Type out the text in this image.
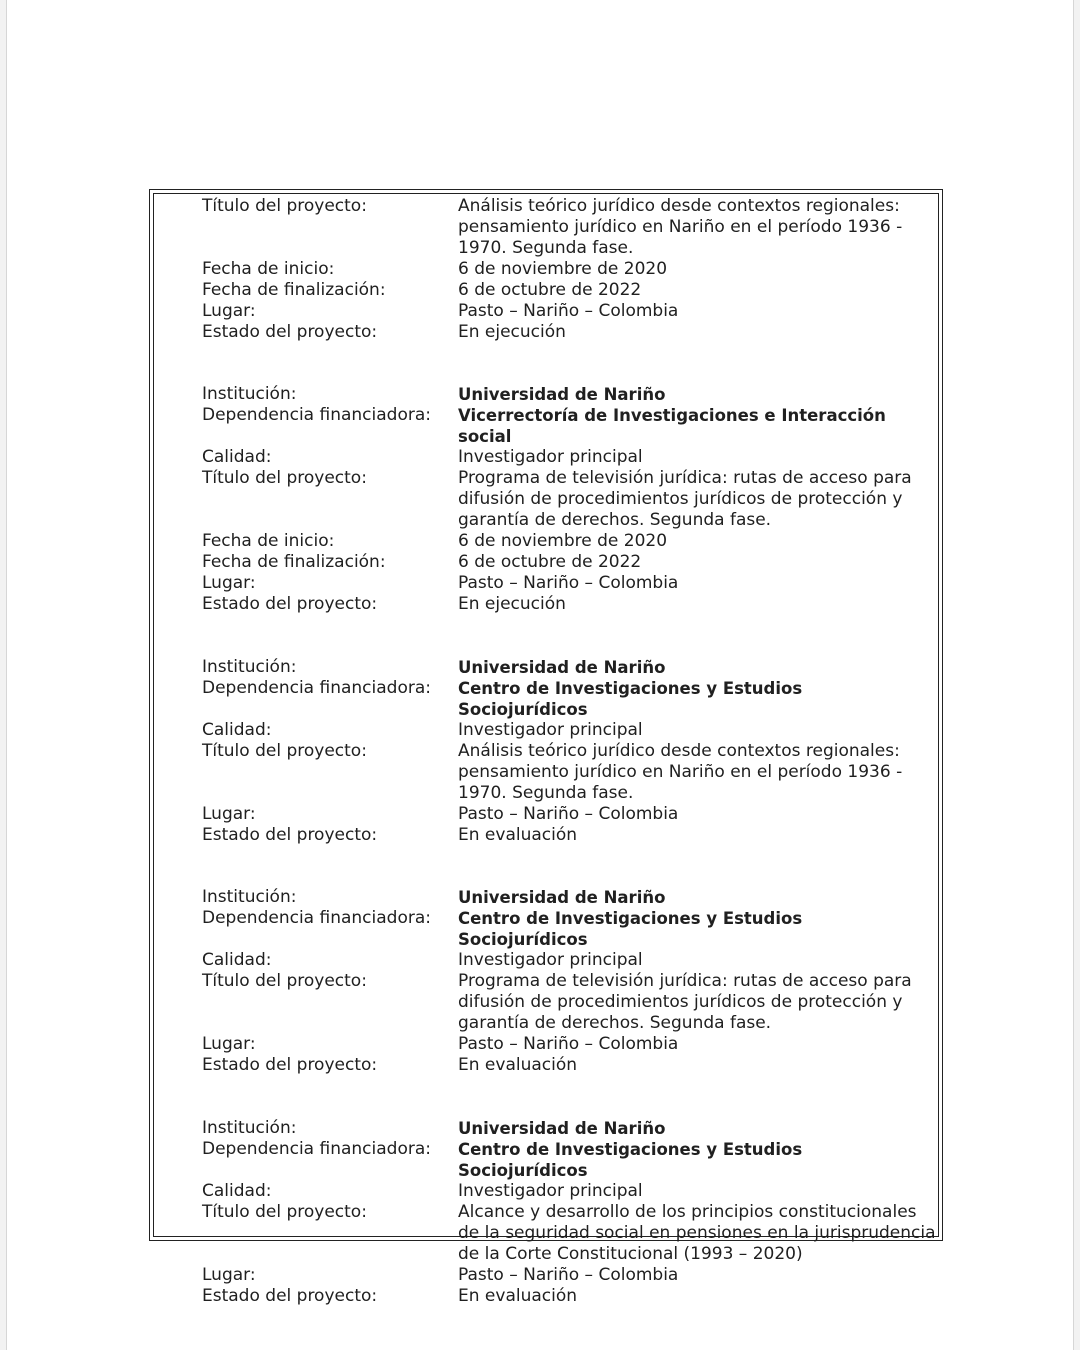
Título del proyecto:	Análisis teórico jurídico desde contextos regionales:
pensamiento jurídico en Nariño en el período 1936 -
1970. Segunda fase.
Fecha de inicio:	6 de noviembre de 2020
Fecha de finalización:	6 de octubre de 2022
Lugar:	Pasto – Nariño – Colombia
Estado del proyecto:	En ejecución
Institución:	Universidad de Nariño
Dependencia financiadora:	Vicerrectoría de Investigaciones e Interacción social
Calidad:	Investigador principal
Título del proyecto:	Programa de televisión jurídica: rutas de acceso para
difusión de procedimientos jurídicos de protección y
garantía de derechos. Segunda fase.
Fecha de inicio:	6 de noviembre de 2020
Fecha de finalización:	6 de octubre de 2022
Lugar:	Pasto – Nariño – Colombia
Estado del proyecto:	En ejecución
Institución:	Universidad de Nariño
Dependencia financiadora:	Centro de Investigaciones y Estudios Sociojurídicos
Calidad:	Investigador principal
Título del proyecto:	Análisis teórico jurídico desde contextos regionales:
pensamiento jurídico en Nariño en el período 1936 -
1970. Segunda fase.
Lugar:	Pasto – Nariño – Colombia
Estado del proyecto:	En evaluación
Institución:	Universidad de Nariño
Dependencia financiadora:	Centro de Investigaciones y Estudios Sociojurídicos
Calidad:	Investigador principal
Título del proyecto:	Programa de televisión jurídica: rutas de acceso para
difusión de procedimientos jurídicos de protección y
garantía de derechos. Segunda fase.
Lugar:	Pasto – Nariño – Colombia
Estado del proyecto:	En evaluación
Institución:	Universidad de Nariño
Dependencia financiadora:	Centro de Investigaciones y Estudios Sociojurídicos
Calidad:	Investigador principal
Título del proyecto:	Alcance y desarrollo de los principios constitucionales
de la seguridad social en pensiones en la jurisprudencia
de la Corte Constitucional (1993 – 2020)
Lugar:	Pasto – Nariño – Colombia
Estado del proyecto:	En evaluación
